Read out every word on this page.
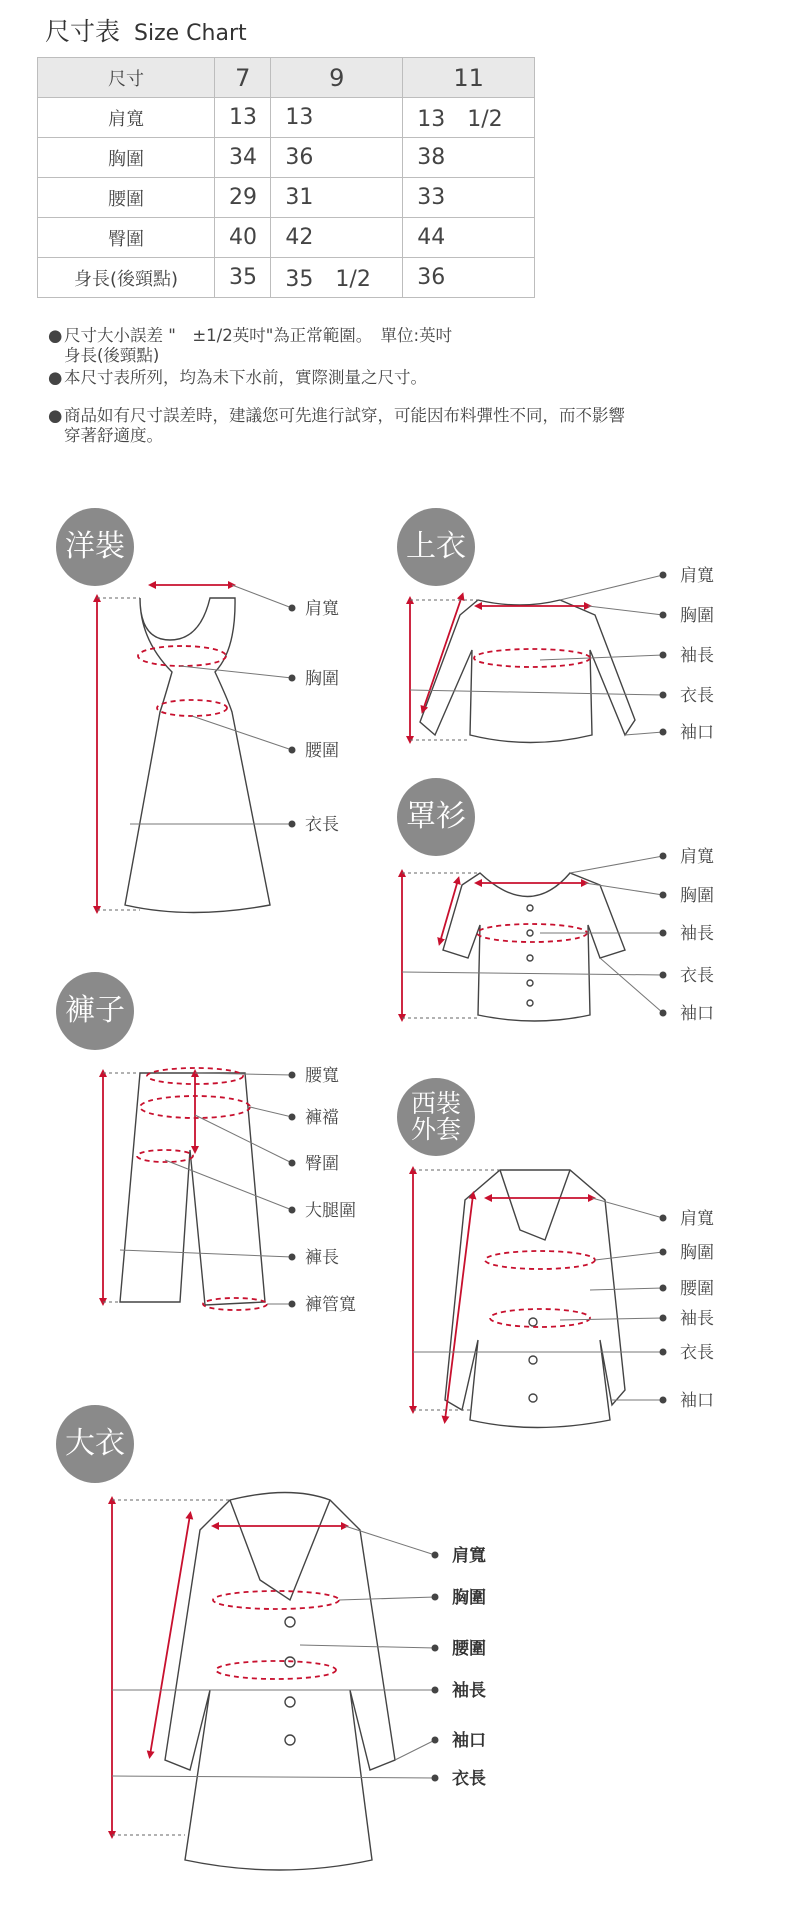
尺寸表 Size Chart
尺寸	7	9	11
肩寬	13	13	13　1/2
胸圍	34	36	38
腰圍	29	31	33
臀圍	40	42	44
身長(後頸點)	35	35　1/2	36
●尺寸大小誤差 "　±1/2英吋"為正常範圍。　單位:英吋
身長(後頸點)
●本尺寸表所列，均為未下水前，實際測量之尺寸。
●商品如有尺寸誤差時，建議您可先進行試穿，可能因布料彈性不同，而不影響
穿著舒適度。
洋裝	上衣
罩衫
褲子
西裝
外套
大衣
肩寬
胸圍
腰圍
衣長
肩寬
胸圍
袖長
衣長
袖口
肩寬
胸圍
袖長
衣長
袖口
腰寬
褲襠
臀圍
大腿圍
褲長
褲管寬
肩寬
胸圍
腰圍
袖長
衣長
袖口
肩寬
胸圍
腰圍
袖長
袖口
衣長
